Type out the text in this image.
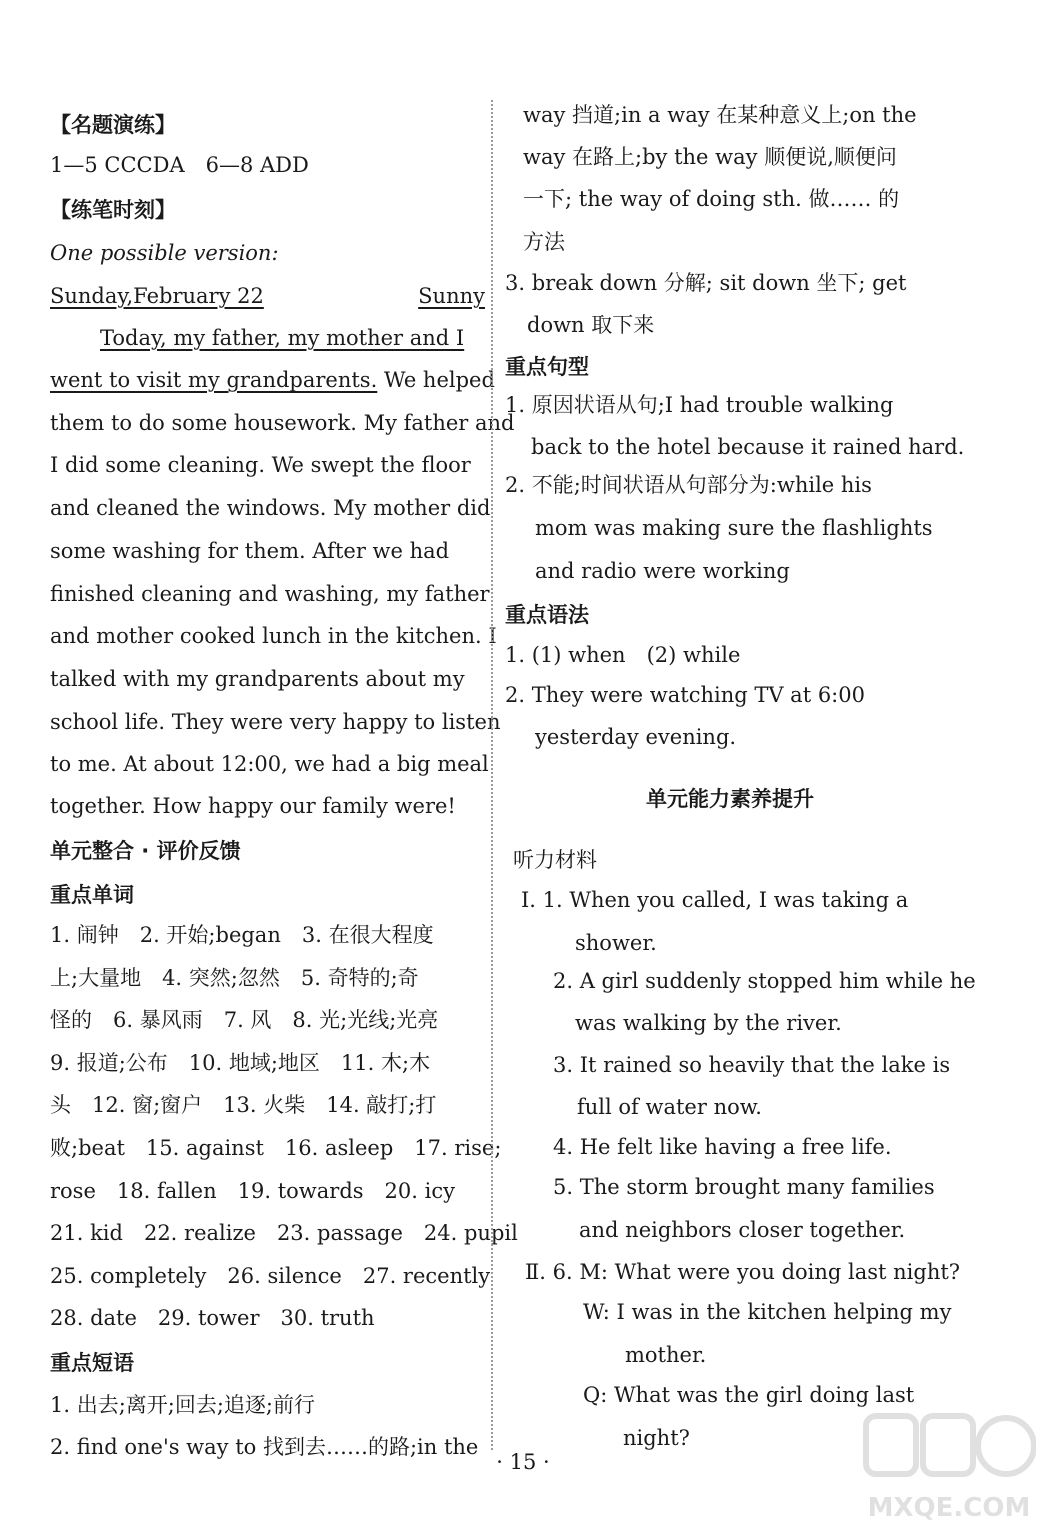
【名题演练】
1—5 CCCDA　6—8 ADD
【练笔时刻】
One possible version:
Sunday,February 22	Sunny
Today, my father, my mother and I
went to visit my grandparents. We helped
them to do some housework. My father and
I did some cleaning. We swept the floor
and cleaned the windows. My mother did
some washing for them. After we had
finished cleaning and washing, my father
and mother cooked lunch in the kitchen. I
talked with my grandparents about my
school life. They were very happy to listen
to me. At about 12:00, we had a big meal
together. How happy our family were!
单元整合 · 评价反馈
重点单词
1. 闹钟　2. 开始;began　3. 在很大程度
上;大量地　4. 突然;忽然　5. 奇特的;奇
怪的　6. 暴风雨　7. 风　8. 光;光线;光亮
9. 报道;公布　10. 地域;地区　11. 木;木
头　12. 窗;窗户　13. 火柴　14. 敲打;打
败;beat　15. against　16. asleep　17. rise;
rose　18. fallen　19. towards　20. icy
21. kid　22. realize　23. passage　24. pupil
25. completely　26. silence　27. recently
28. date　29. tower　30. truth
重点短语
1. 出去;离开;回去;追逐;前行
2. find one's way to 找到去……的路;in the
way 挡道;in a way 在某种意义上;on the
way 在路上;by the way 顺便说,顺便问
一下; the way of doing sth. 做…… 的
方法
3. break down 分解; sit down 坐下; get
down 取下来
重点句型
1. 原因状语从句;I had trouble walking
back to the hotel because it rained hard.
2. 不能;时间状语从句部分为:while his
mom was making sure the flashlights
and radio were working
重点语法
1. (1) when　(2) while
2. They were watching TV at 6:00
yesterday evening.
单元能力素养提升
听力材料
Ⅰ. 1. When you called, I was taking a
shower.
2. A girl suddenly stopped him while he
was walking by the river.
3. It rained so heavily that the lake is
full of water now.
4. He felt like having a free life.
5. The storm brought many families
and neighbors closer together.
Ⅱ. 6. M: What were you doing last night?
W: I was in the kitchen helping my
mother.
Q: What was the girl doing last
night?
· 15 ·
MXQE.COM
